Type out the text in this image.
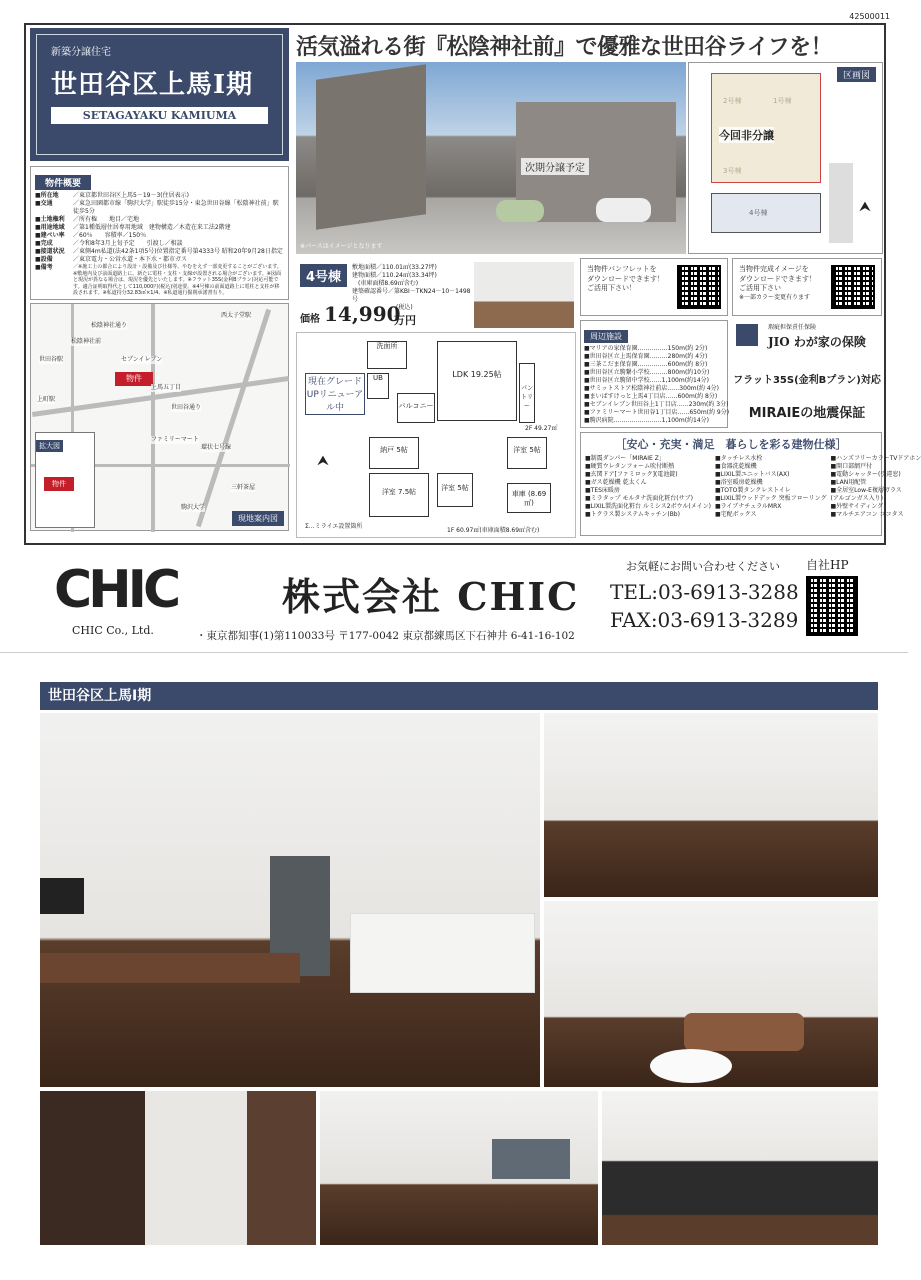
42500011
新築分譲住宅
世田谷区上馬Ⅰ期
SETAGAYAKU KAMIUMA
活気溢れる街『松陰神社前』で優雅な世田谷ライフを！
物件概要
■所在地	／東京都世田谷区上馬5－19－3(住居表示)
■交通	／東急田園都市線「駒沢大学」駅徒歩15分・東急世田谷線「松陰神社前」駅徒歩5分
■土地権利	／所有権　　地目／宅地
■用途地域	／第1種低層住居専用地域　建物構造／木造在来工法2階建
■建ぺい率	／60％　　容積率／150％
■完成	／令和8年3月上旬予定　　引渡し／相談
■接道状況	／東側4m私道(法42条1項5号)位置指定番号第4333号 昭和20年9月28日指定
■設備	／東京電力・公営水道・本下水・都市ガス
■備考	／※施工上の都合により設計・設備及び仕様等、やむをえず一部変更することがございます。※敷地内及び前面道路上に、新たに電柱・支柱・支線が設置される場合がございます。※図面と現況が異なる場合は、現況を優先といたします。※フラット35S(金利Bプラン)対応可能です。適合証明取得代として110,000円(税込)別途要。※4号棟の前面道路上に電柱と支柱が移設されます。※私道持分32.83㎡×1/4、※私道通行掘削承諾書有り。
物件
松陰神社前
世田谷駅
松陰神社通り
西太子堂駅
上町駅
世田谷通り
環状七号線
三軒茶屋
上馬五丁目
駒沢大学
セブンイレブン
ファミリーマート
拡大図
物件
現地案内図
次期分譲予定
※パースはイメージとなります
区画図
今回非分譲
2号棟	1号棟
3号棟
4号棟	⮝
4号棟
敷地面積／110.01㎡(33.27坪)
建物面積／110.24㎡(33.34坪)
(車庫面積8.69㎡含む)
建築確認番号／第KBI－TKN24－10－1498号
価格 14,990
万円
(税込)
現在グレードUPリニューアル中
洗面所
UB	LDK 19.25帖
バルコニー
パントリー
2F 49.27㎡
⮝
納戸 5帖
洋室 7.5帖	洋室 5帖
洋室 5帖
車庫 (8.69㎡)
Σ…ミライエ設置箇所
1F 60.97㎡(車庫面積8.69㎡含む)
当物件パンフレットを
ダウンロードできます！
ご活用下さい！
当物件完成イメージを
ダウンロードできます！
ご活用下さい
※一部カラー変更有ります
周辺施設
■マリアの家保育園……………150m(約 2分)
■世田谷区立上馬保育園………280m(約 4分)
■三茶こだま保育園……………600m(約 8分)
■世田谷区立駒繋小学校………800m(約10分)
■世田谷区立駒留中学校……1,100m(約14分)
■サミットストア松陰神社前店……300m(約 4分)
■まいばすけっと上馬4丁目店……600m(約 8分)
■セブンイレブン世田谷上1丁目店……230m(約 3分)
■ファミリーマート世田谷1丁目店……650m(約 9分)
■駒沢病院……………………1,100m(約14分)
瑕疵担保責任保険
JIO わが家の保険
フラット35S(金利Bプラン)対応
MIRAIEの地震保証
［安心・充実・満足　暮らしを彩る建物仕様］
■制震ダンパー「MIRAIE Z」
■硬質ウレタンフォーム吹付断熱
■玄関ドア[ファミロック](電池錠)
■ガス乾燥機 乾太くん
■TES床暖房
■ミラタップ モルタナ洗面化粧台(サブ)
■LIXIL製洗面化粧台 ルミシス2ボウル(メイン)
■トクラス製システムキッチン(Bb)
■タッチレス水栓
■食器洗乾燥機
■LIXIL製ユニットバス(AX)
■浴室暖房乾燥機
■TOTO製タンクレストイレ
■LIXIL製ウッドデック 突板フローリング
■ライブナチュラルMRX
■宅配ボックス
■ハンズフリーカラーTVドアホン
■開口部網戸付
■電動シャッター(引違窓)
■LAN用配管
■全居室Low-E複層ガラス
(アルゴンガス入り)
■外壁サイディング
■マルチエアコン ココタス
CHIC
CHIC Co., Ltd.
株式会社 CHIC
・東京都知事(1)第110033号 〒177-0042 東京都練馬区下石神井 6-41-16-102
お気軽にお問い合わせください
TEL:03-6913-3288
FAX:03-6913-3289
自社HP
世田谷区上馬Ⅰ期
